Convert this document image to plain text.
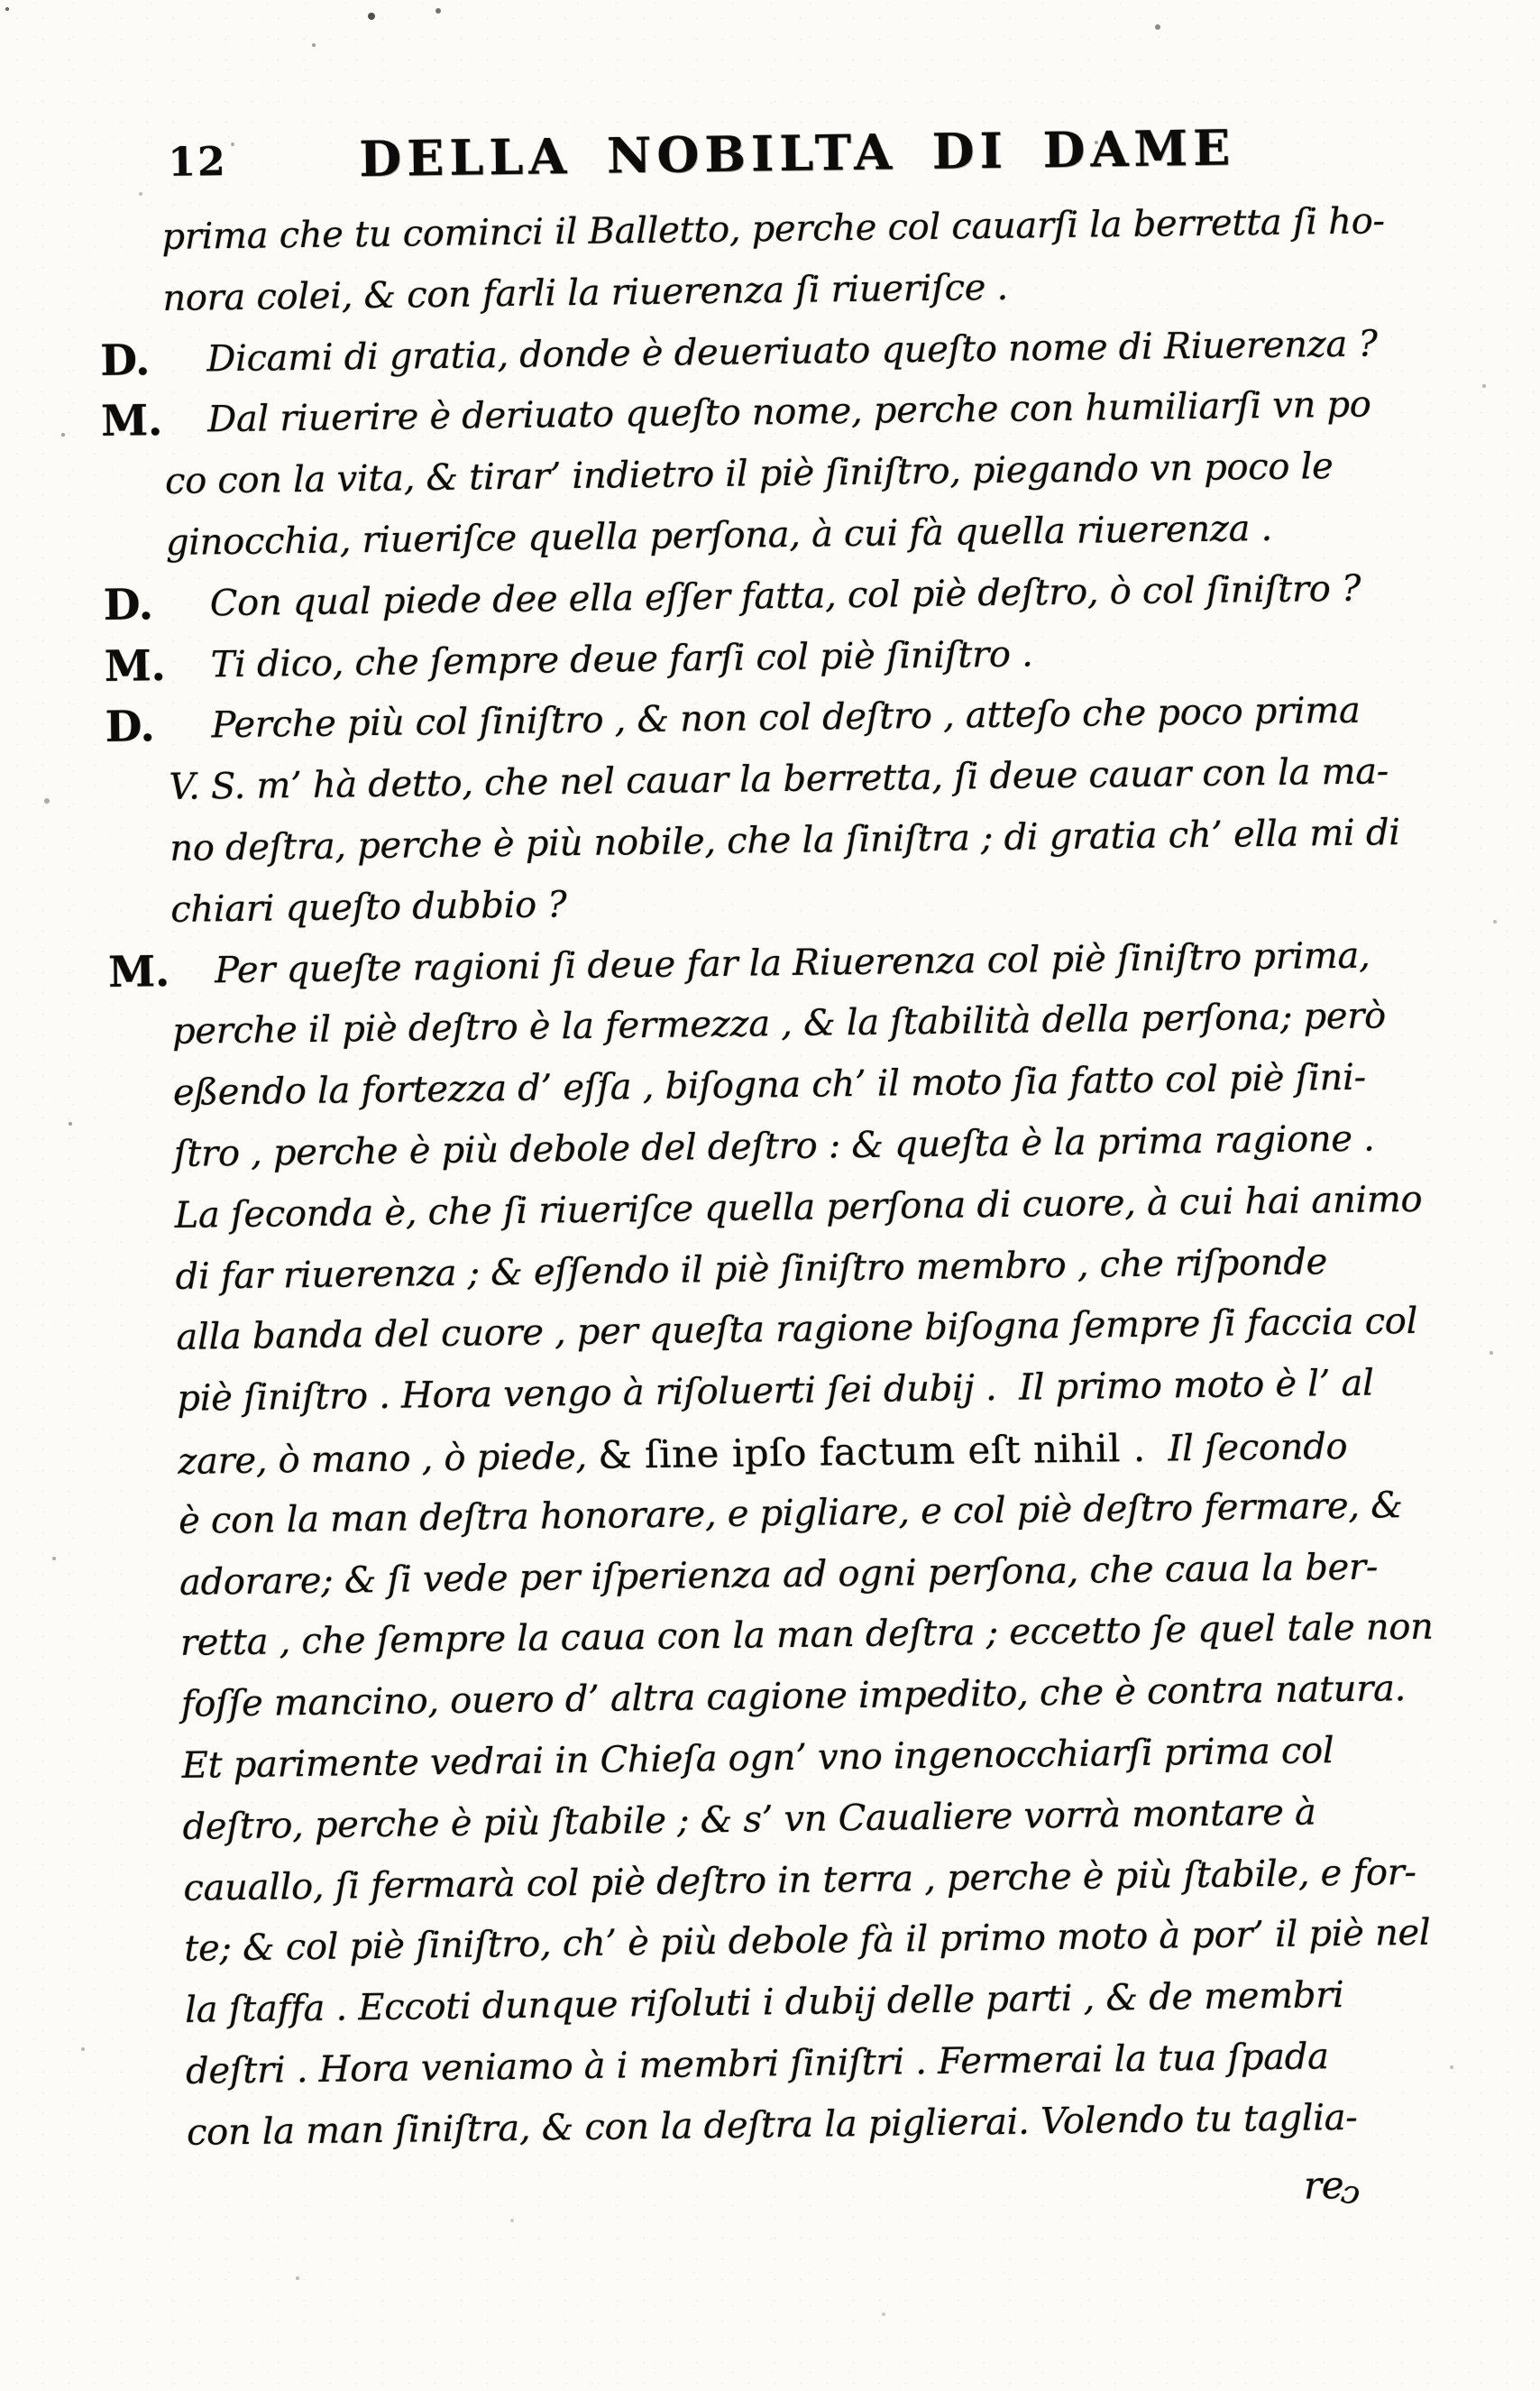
12	DELLA NOBILTA DI DAME
prima che tu cominci il Balletto, perche col cauarſi la berretta ſi ho-
nora colei, & con farli la riuerenza ſi riueriſce .
D.	Dicami di gratia, donde è deueriuato queſto nome di Riuerenza ?
M.	Dal riuerire è deriuato queſto nome, perche con humiliarſi vn po
co con la vita, & tirar’ indietro il piè ſiniſtro, piegando vn poco le
ginocchia, riueriſce quella perſona, à cui fà quella riuerenza .
D.	Con qual piede dee ella eſſer fatta, col piè deſtro, ò col ſiniſtro ?
M.	Ti dico, che ſempre deue farſi col piè ſiniſtro .
D.	Perche più col ſiniſtro , & non col deſtro , atteſo che poco prima
V. S. m’ hà detto, che nel cauar la berretta, ſi deue cauar con la ma-
no deſtra, perche è più nobile, che la ſiniſtra ; di gratia ch’ ella mi di
chiari queſto dubbio ?
M.	Per queſte ragioni ſi deue far la Riuerenza col piè ſiniſtro prima,
perche il piè deſtro è la fermezza , & la ſtabilità della perſona; però
eßendo la fortezza d’ eſſa , biſogna ch’ il moto ſia fatto col piè ſini-
ſtro , perche è più debole del deſtro : & queſta è la prima ragione .
La ſeconda è, che ſi riueriſce quella perſona di cuore, à cui hai animo
di far riuerenza ; & eſſendo il piè ſiniſtro membro , che riſponde
alla banda del cuore , per queſta ragione biſogna ſempre ſi faccia col
piè ſiniſtro . Hora vengo à riſoluerti ſei dubij .  Il primo moto è l’ al
zare, ò mano , ò piede, & ſine ipſo factum eſt nihil .  Il ſecondo
è con la man deſtra honorare, e pigliare, e col piè deſtro fermare, &
adorare; & ſi vede per iſperienza ad ogni perſona, che caua la ber-
retta , che ſempre la caua con la man deſtra ; eccetto ſe quel tale non
foſſe mancino, ouero d’ altra cagione impedito, che è contra natura.
Et parimente vedrai in Chieſa ogn’ vno ingenocchiarſi prima col
deſtro, perche è più ſtabile ; & s’ vn Caualiere vorrà montare à
cauallo, ſi fermarà col piè deſtro in terra , perche è più ſtabile, e for-
te; & col piè ſiniſtro, ch’ è più debole fà il primo moto à por’ il piè nel
la ſtaffa . Eccoti dunque riſoluti i dubij delle parti , & de membri
deſtri . Hora veniamo à i membri ſiniſtri . Fermerai la tua ſpada
con la man ſiniſtra, & con la deſtra la piglierai. Volendo tu taglia-
reɔ
